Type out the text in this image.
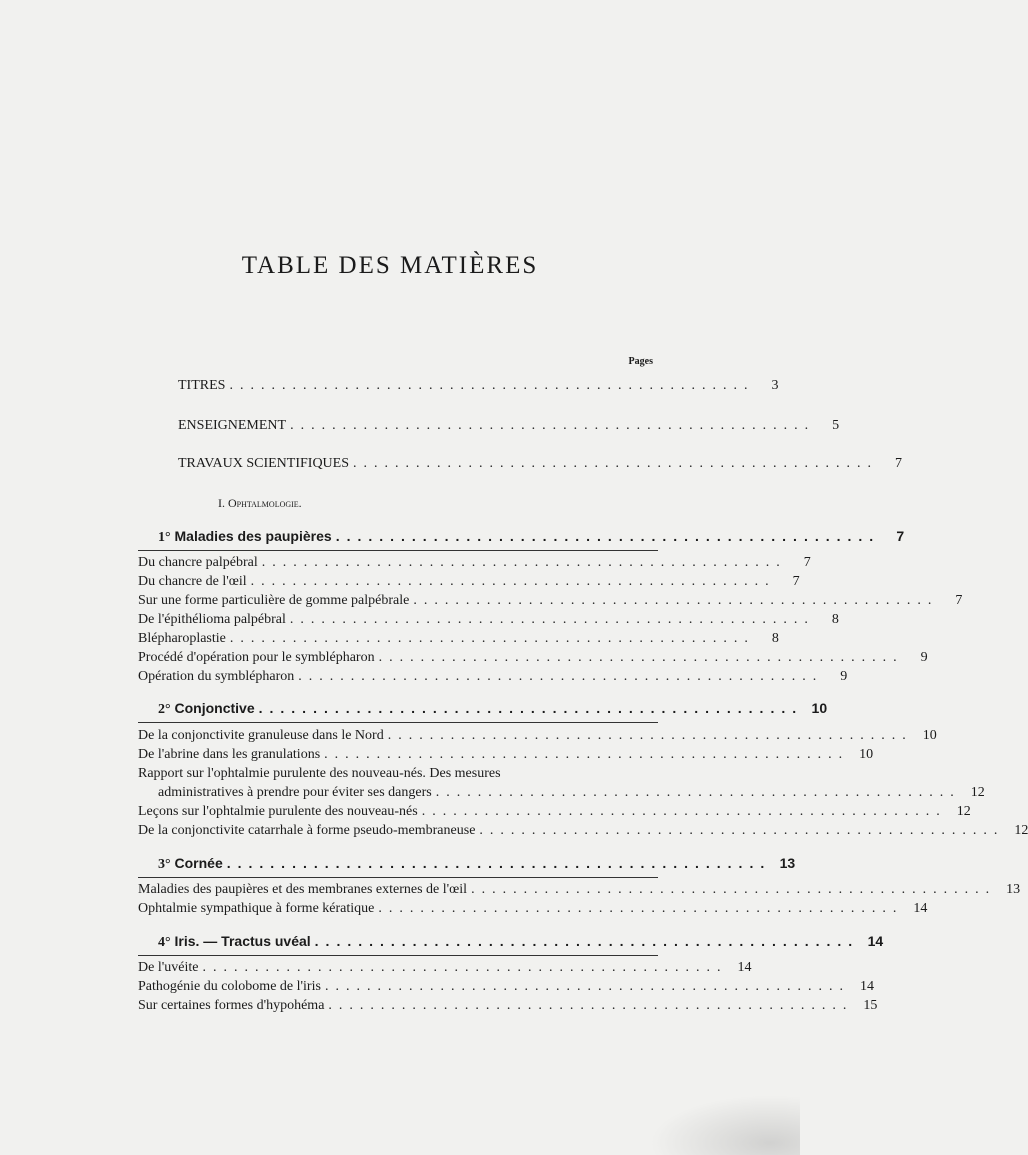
TABLE DES MATIÈRES
Pages
TITRES ..................................................	3
ENSEIGNEMENT ..................................................	5
TRAVAUX SCIENTIFIQUES ..................................................	7
I. Ophtalmologie.
1° Maladies des paupières ..................................................	7
Du chancre palpébral ..................................................	7
Du chancre de l'œil ..................................................	7
Sur une forme particulière de gomme palpébrale ..................................................	7
De l'épithélioma palpébral ..................................................	8
Blépharoplastie ..................................................	8
Procédé d'opération pour le symblépharon ..................................................	9
Opération du symblépharon ..................................................	9
2° Conjonctive .................................................. 10
De la conjonctivite granuleuse dans le Nord .................................................. 10
De l'abrine dans les granulations .................................................. 10
Rapport sur l'ophtalmie purulente des nouveau-nés. Des mesures
administratives à prendre pour éviter ses dangers .................................................. 12
Leçons sur l'ophtalmie purulente des nouveau-nés .................................................. 12
De la conjonctivite catarrhale à forme pseudo-membraneuse .................................................. 12
3° Cornée .................................................. 13
Maladies des paupières et des membranes externes de l'œil .................................................. 13
Ophtalmie sympathique à forme kératique .................................................. 14
4° Iris. — Tractus uvéal .................................................. 14
De l'uvéite .................................................. 14
Pathogénie du colobome de l'iris .................................................. 14
Sur certaines formes d'hypohéma .................................................. 15
